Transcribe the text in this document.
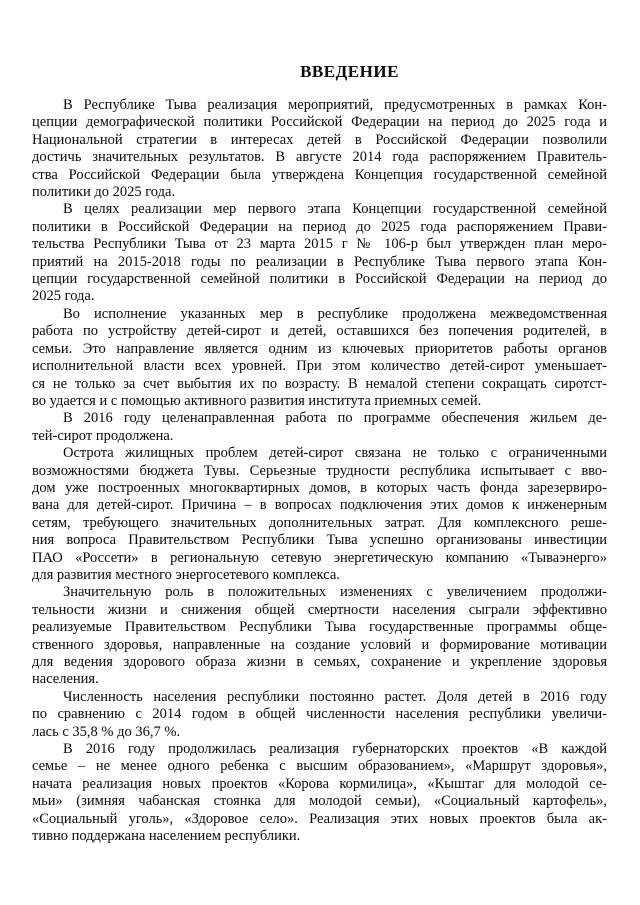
ВВЕДЕНИЕ

В Республике Тыва реализация мероприятий, предусмотренных в рамках Кон-
цепции демографической политики Российской Федерации на период до 2025 года и
Национальной стратегии в интересах детей в Российской Федерации позволили
достичь значительных результатов. В августе 2014 года распоряжением Правитель-
ства Российской Федерации была утверждена Концепция государственной семейной
политики до 2025 года.

В целях реализации мер первого этапа Концепции государственной семейной
политики в Российской Федерации на период до 2025 года распоряжением Прави-
тельства Республики Тыва от 23 марта 2015 г № 106-р был утвержден план меро-
приятий на 2015-2018 годы по реализации в Республике Тыва первого этапа Кон-
цепции государственной семейной политики в Российской Федерации на период до
2025 года.

Во исполнение указанных мер в республике продолжена межведомственная
работа по устройству детей-сирот и детей, оставшихся без попечения родителей, в
семьи. Это направление является одним из ключевых приоритетов работы органов
исполнительной власти всех уровней. При этом количество детей-сирот уменьшает-
ся не только за счет выбытия их по возрасту. В немалой степени сокращать сиротст-
во удается и с помощью активного развития института приемных семей.

В 2016 году целенаправленная работа по программе обеспечения жильем де-
тей-сирот продолжена.

Острота жилищных проблем детей-сирот связана не только с ограниченными
возможностями бюджета Тувы. Серьезные трудности республика испытывает с вво-
дом уже построенных многоквартирных домов, в которых часть фонда зарезервиро-
вана для детей-сирот. Причина – в вопросах подключения этих домов к инженерным
сетям, требующего значительных дополнительных затрат. Для комплексного реше-
ния вопроса Правительством Республики Тыва успешно организованы инвестиции
ПАО «Россети» в региональную сетевую энергетическую компанию «Тываэнерго»
для развития местного энергосетевого комплекса.

Значительную роль в положительных изменениях с увеличением продолжи-
тельности жизни и снижения общей смертности населения сыграли эффективно
реализуемые Правительством Республики Тыва государственные программы обще-
ственного здоровья, направленные на создание условий и формирование мотивации
для ведения здорового образа жизни в семьях, сохранение и укрепление здоровья
населения.

Численность населения республики постоянно растет. Доля детей в 2016 году
по сравнению с 2014 годом в общей численности населения республики увеличи-
лась с 35,8 % до 36,7 %.

В 2016 году продолжилась реализация губернаторских проектов «В каждой
семье – не менее одного ребенка с высшим образованием», «Маршрут здоровья»,
начата реализация новых проектов «Корова кормилица», «Кыштаг для молодой се-
мьи» (зимняя чабанская стоянка для молодой семьи), «Социальный картофель»,
«Социальный уголь», «Здоровое село». Реализация этих новых проектов была ак-
тивно поддержана населением республики.
